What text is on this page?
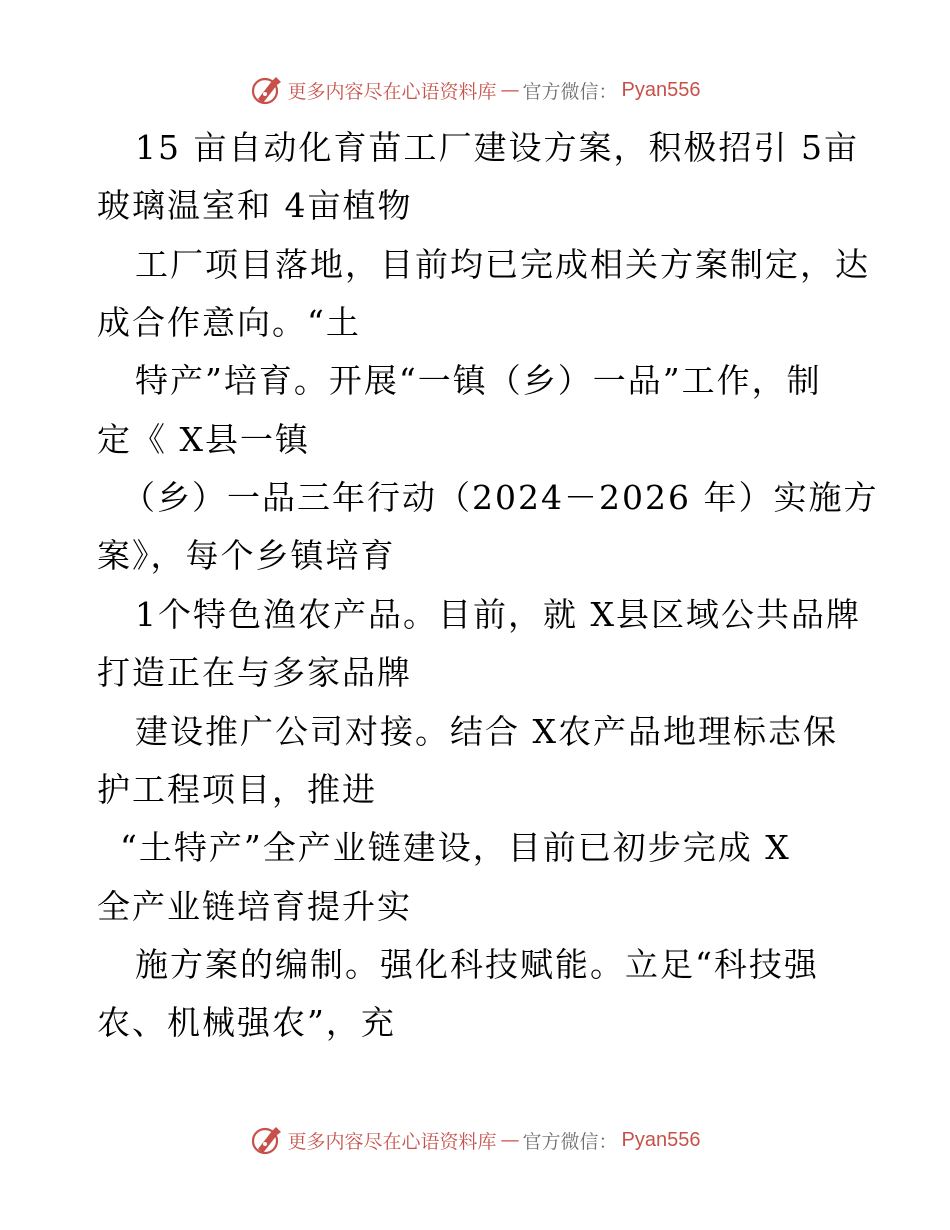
更多内容尽在心语资料库 — 官方微信： Pyan556
15 亩自动化育苗工厂建设方案，积极招引 5亩
玻璃温室和 4亩植物
工厂项目落地，目前均已完成相关方案制定，达
成合作意向。“土
特产”培育。开展“一镇（乡）一品”工作，制
定《 X县一镇
（乡）一品三年行动（2024－2026 年）实施方
案》，每个乡镇培育
1个特色渔农产品。目前，就 X县区域公共品牌
打造正在与多家品牌
建设推广公司对接。结合 X农产品地理标志保
护工程项目，推进
“土特产”全产业链建设，目前已初步完成 X
全产业链培育提升实
施方案的编制。强化科技赋能。立足“科技强
农、机械强农”，充
更多内容尽在心语资料库 — 官方微信： Pyan556
